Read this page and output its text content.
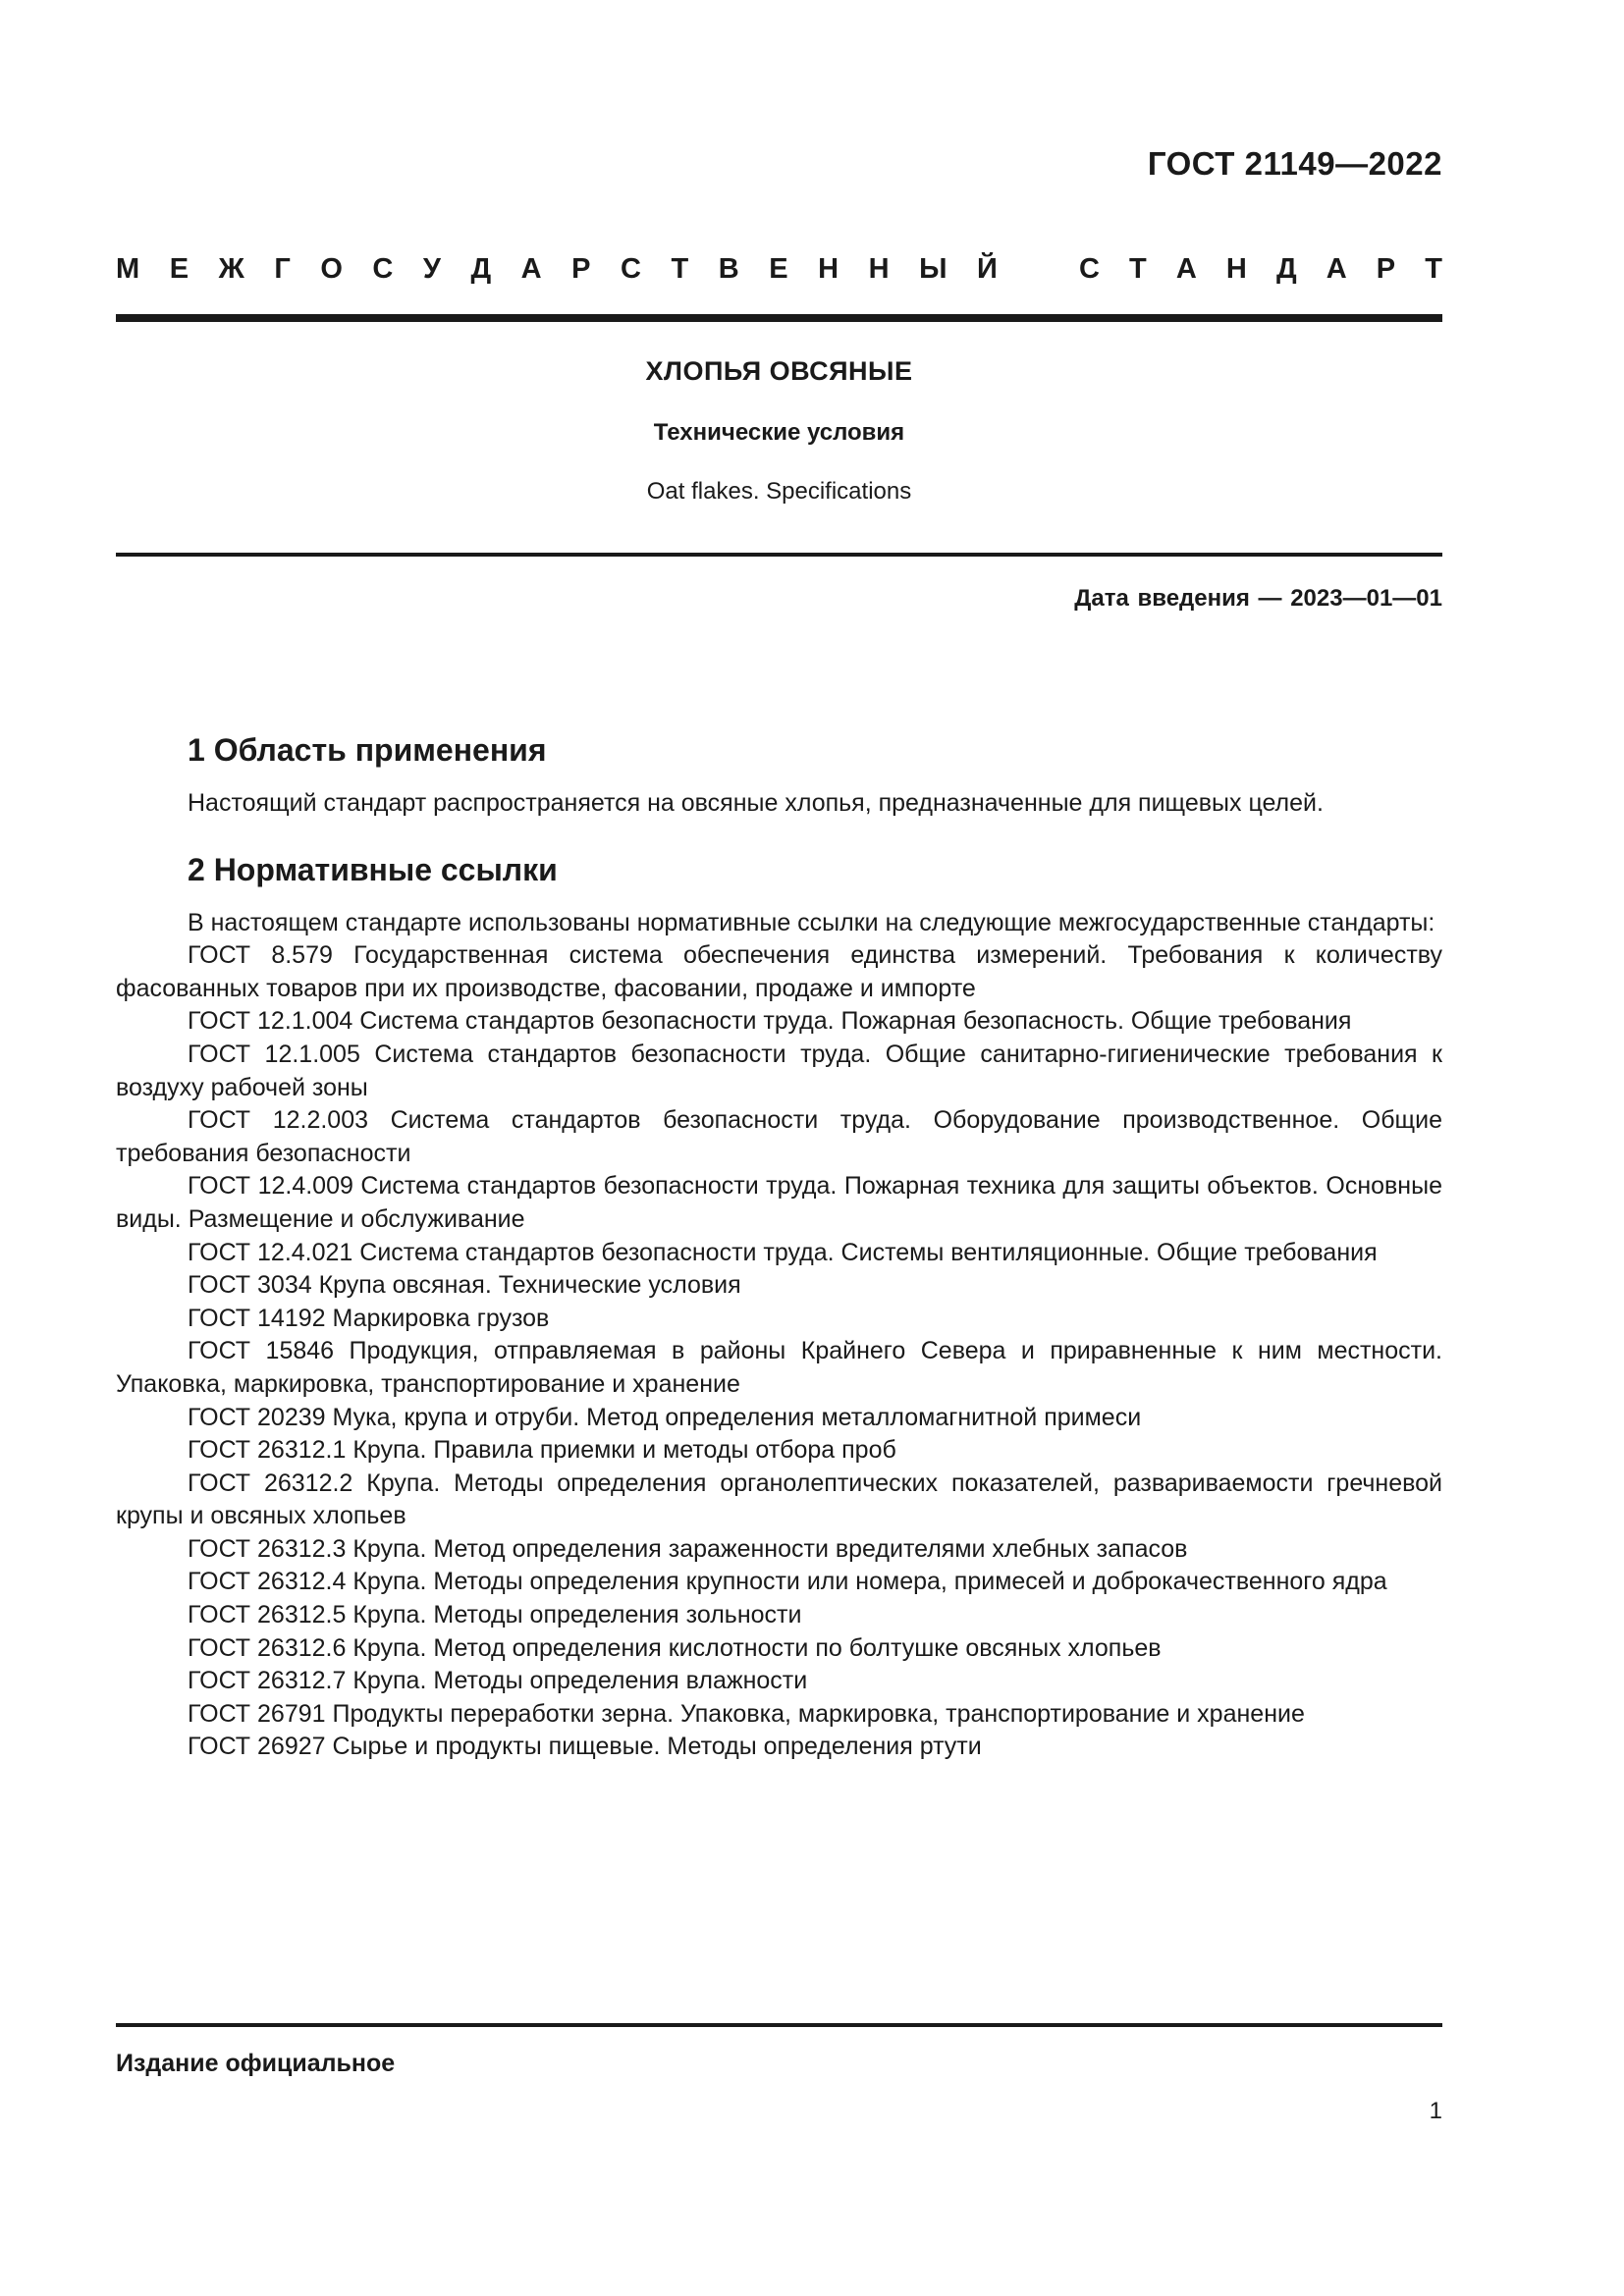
ГОСТ 21149—2022
М Е Ж Г О С У Д А Р С Т В Е Н Н Ы Й	С Т А Н Д А Р Т
ХЛОПЬЯ ОВСЯНЫЕ
Технические условия
Oat flakes. Specifications
Дата введения — 2023—01—01
1 Область применения

Настоящий стандарт распространяется на овсяные хлопья, предназначенные для пищевых целей.

2 Нормативные ссылки

В настоящем стандарте использованы нормативные ссылки на следующие межгосударственные стандарты:

ГОСТ 8.579 Государственная система обеспечения единства измерений. Требования к количеству фасованных товаров при их производстве, фасовании, продаже и импорте
ГОСТ 12.1.004 Система стандартов безопасности труда. Пожарная безопасность. Общие требования
ГОСТ 12.1.005 Система стандартов безопасности труда. Общие санитарно-гигиенические требования к воздуху рабочей зоны
ГОСТ 12.2.003 Система стандартов безопасности труда. Оборудование производственное. Общие требования безопасности
ГОСТ 12.4.009 Система стандартов безопасности труда. Пожарная техника для защиты объектов. Основные виды. Размещение и обслуживание
ГОСТ 12.4.021 Система стандартов безопасности труда. Системы вентиляционные. Общие требования
ГОСТ 3034 Крупа овсяная. Технические условия
ГОСТ 14192 Маркировка грузов
ГОСТ 15846 Продукция, отправляемая в районы Крайнего Севера и приравненные к ним местности. Упаковка, маркировка, транспортирование и хранение
ГОСТ 20239 Мука, крупа и отруби. Метод определения металломагнитной примеси
ГОСТ 26312.1 Крупа. Правила приемки и методы отбора проб
ГОСТ 26312.2 Крупа. Методы определения органолептических показателей, развариваемости гречневой крупы и овсяных хлопьев
ГОСТ 26312.3 Крупа. Метод определения зараженности вредителями хлебных запасов
ГОСТ 26312.4 Крупа. Методы определения крупности или номера, примесей и доброкачественного ядра
ГОСТ 26312.5 Крупа. Методы определения зольности
ГОСТ 26312.6 Крупа. Метод определения кислотности по болтушке овсяных хлопьев
ГОСТ 26312.7 Крупа. Методы определения влажности
ГОСТ 26791 Продукты переработки зерна. Упаковка, маркировка, транспортирование и хранение
ГОСТ 26927 Сырье и продукты пищевые. Методы определения ртути
Издание официальное
1
